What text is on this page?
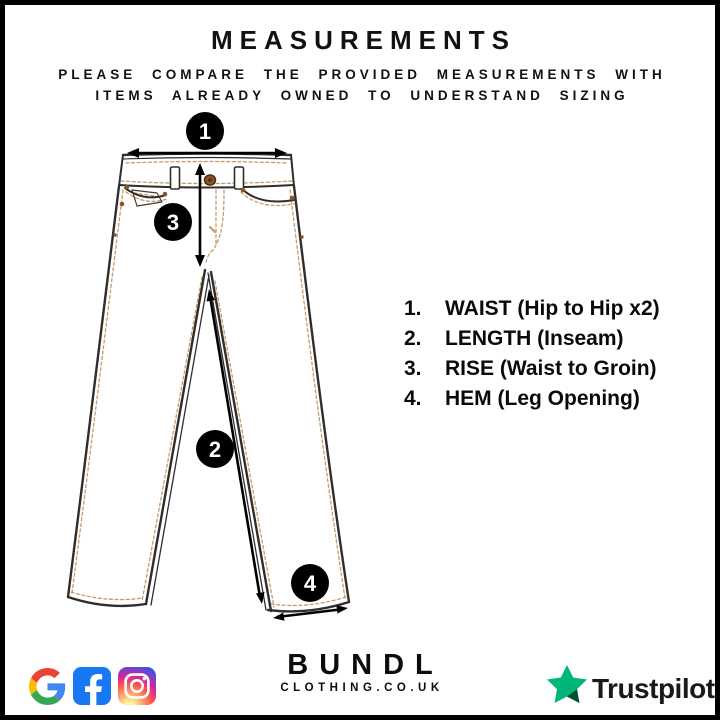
MEASUREMENTS
PLEASE COMPARE THE PROVIDED MEASUREMENTS WITH
ITEMS ALREADY OWNED TO UNDERSTAND SIZING
1
3
2
4
1.	WAIST (Hip to Hip x2)
2.	LENGTH (Inseam)
3.	RISE (Waist to Groin)
4.	HEM (Leg Opening)
BUNDL
CLOTHING.CO.UK	Trustpilot
